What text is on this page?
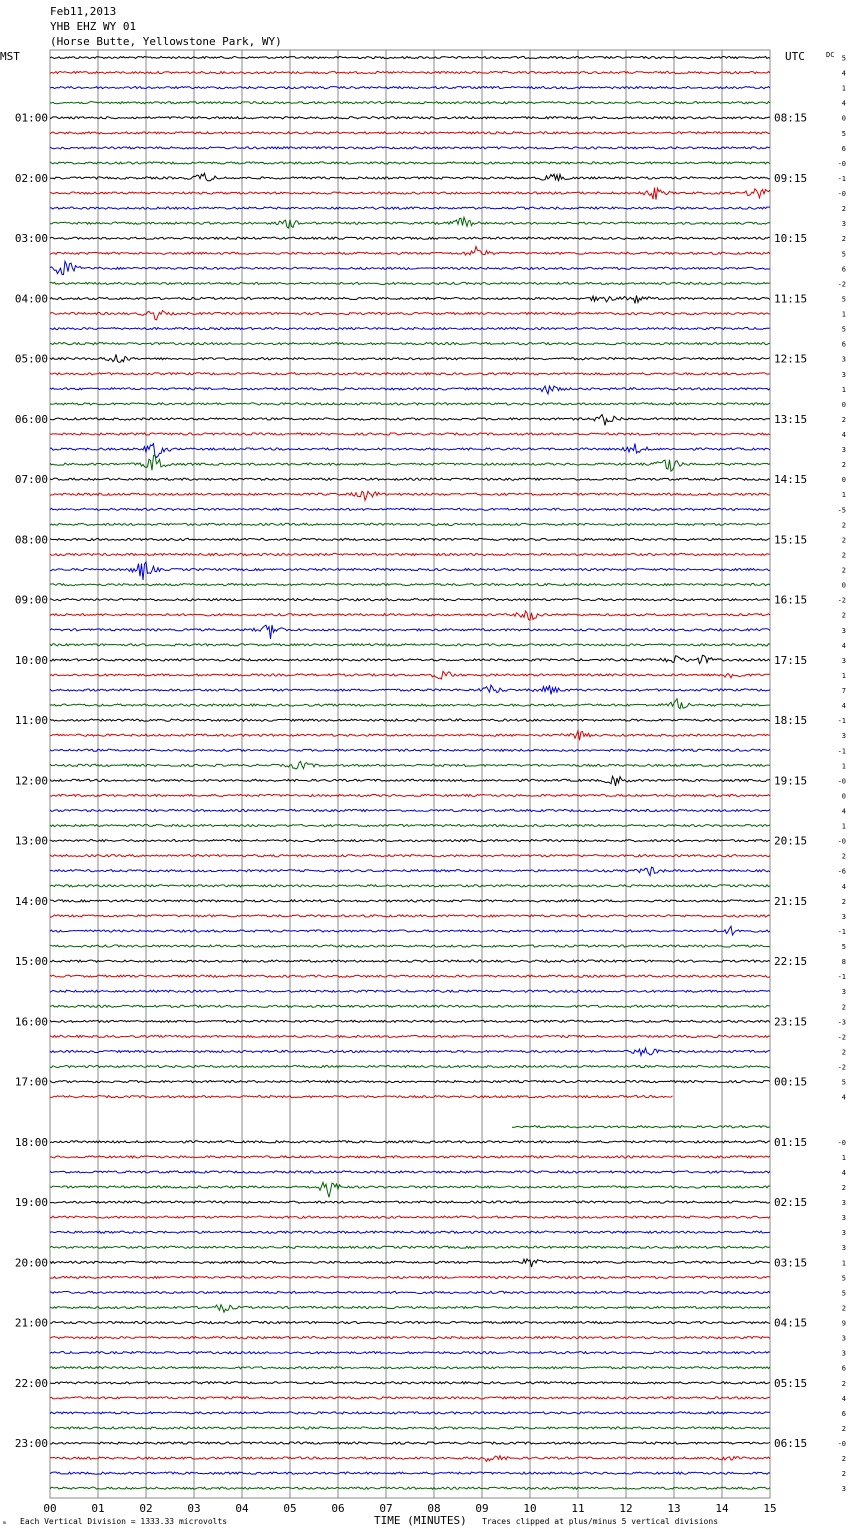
Feb11,2013
YHB EHZ WY 01
(Horse Butte, Yellowstone Park, WY)
01:00
02:00
03:00
04:00
05:00
06:00
07:00
08:00
09:00
10:00
11:00
12:00
13:00
14:00
15:00
16:00
17:00
18:00
19:00
20:00
21:00
22:00
23:00
08:15
09:15
10:15
11:15
12:15
13:15
14:15
15:15
16:15
17:15
18:15
19:15
20:15
21:15
22:15
23:15
00:15
01:15
02:15
03:15
04:15
05:15
06:15
5
4
1
4
0
5
6
-0
-1
-0
2
3
2
5
6
-2
5
1
5
6
3
3
1
0
2
4
3
2
0
1
-5
2
2
2
2
0
-2
2
3
4
3
1
7
4
-1
3
-1
1
-0
0
4
1
-0
2
-6
4
2
3
-1
5
8
-1
3
2
-3
-2
2
-2
5
4
-0
1
4
2
3
3
3
3
1
5
5
2
9
3
3
6
2
4
6
2
-0
2
2
3
00	01	02	03	04	05	06	07	08	09	10	11	12	13	14	15
MST	UTC	DC
ₘ Each Vertical Division = 1333.33 microvolts	TIME (MINUTES) Traces clipped at plus/minus 5 vertical divisions
